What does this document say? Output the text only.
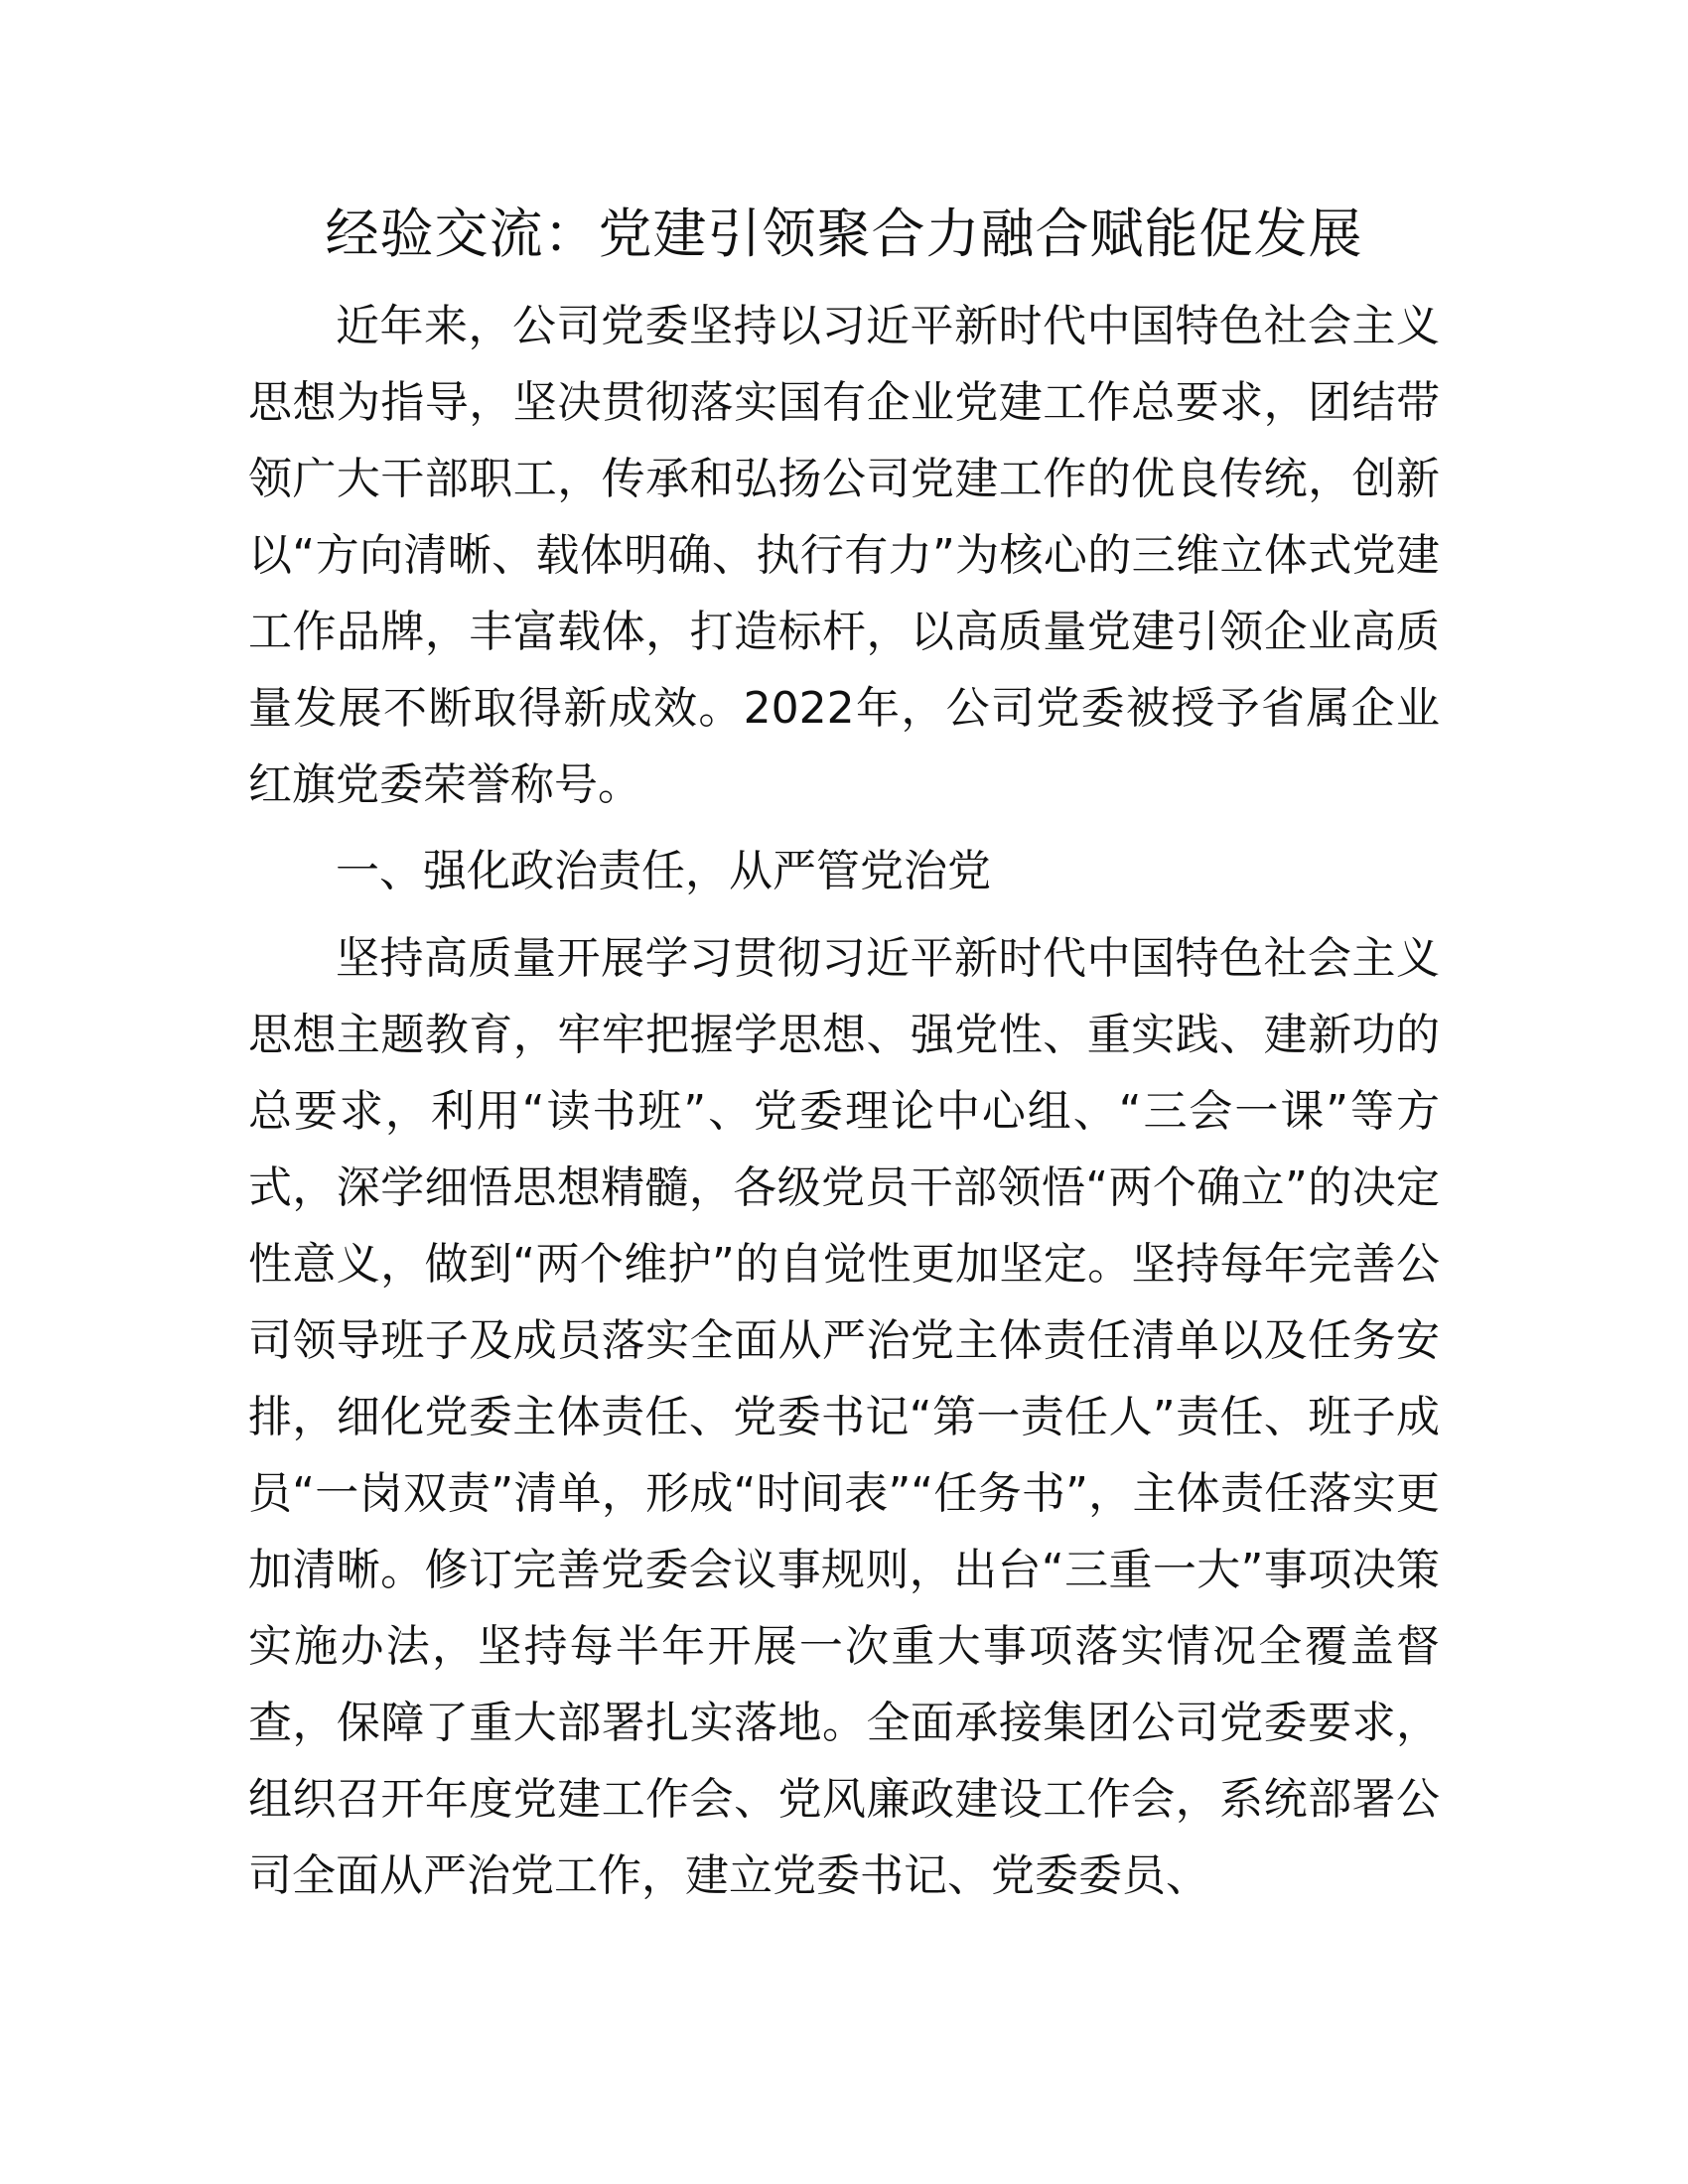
经验交流：党建引领聚合力融合赋能促发展

近年来，公司党委坚持以习近平新时代中国特色社会主义思想为指导，坚决贯彻落实国有企业党建工作总要求，团结带领广大干部职工，传承和弘扬公司党建工作的优良传统，创新以“方向清晰、载体明确、执行有力”为核心的三维立体式党建工作品牌，丰富载体，打造标杆，以高质量党建引领企业高质量发展不断取得新成效。2022年，公司党委被授予省属企业红旗党委荣誉称号。

一、强化政治责任，从严管党治党

坚持高质量开展学习贯彻习近平新时代中国特色社会主义思想主题教育，牢牢把握学思想、强党性、重实践、建新功的总要求，利用“读书班”、党委理论中心组、“三会一课”等方式，深学细悟思想精髓，各级党员干部领悟“两个确立”的决定性意义，做到“两个维护”的自觉性更加坚定。坚持每年完善公司领导班子及成员落实全面从严治党主体责任清单以及任务安排，细化党委主体责任、党委书记“第一责任人”责任、班子成员“一岗双责”清单，形成“时间表”“任务书”，主体责任落实更加清晰。修订完善党委会议事规则，出台“三重一大”事项决策实施办法，坚持每半年开展一次重大事项落实情况全覆盖督查，保障了重大部署扎实落地。全面承接集团公司党委要求，组织召开年度党建工作会、党风廉政建设工作会，系统部署公司全面从严治党工作，建立党委书记、党委委员、
